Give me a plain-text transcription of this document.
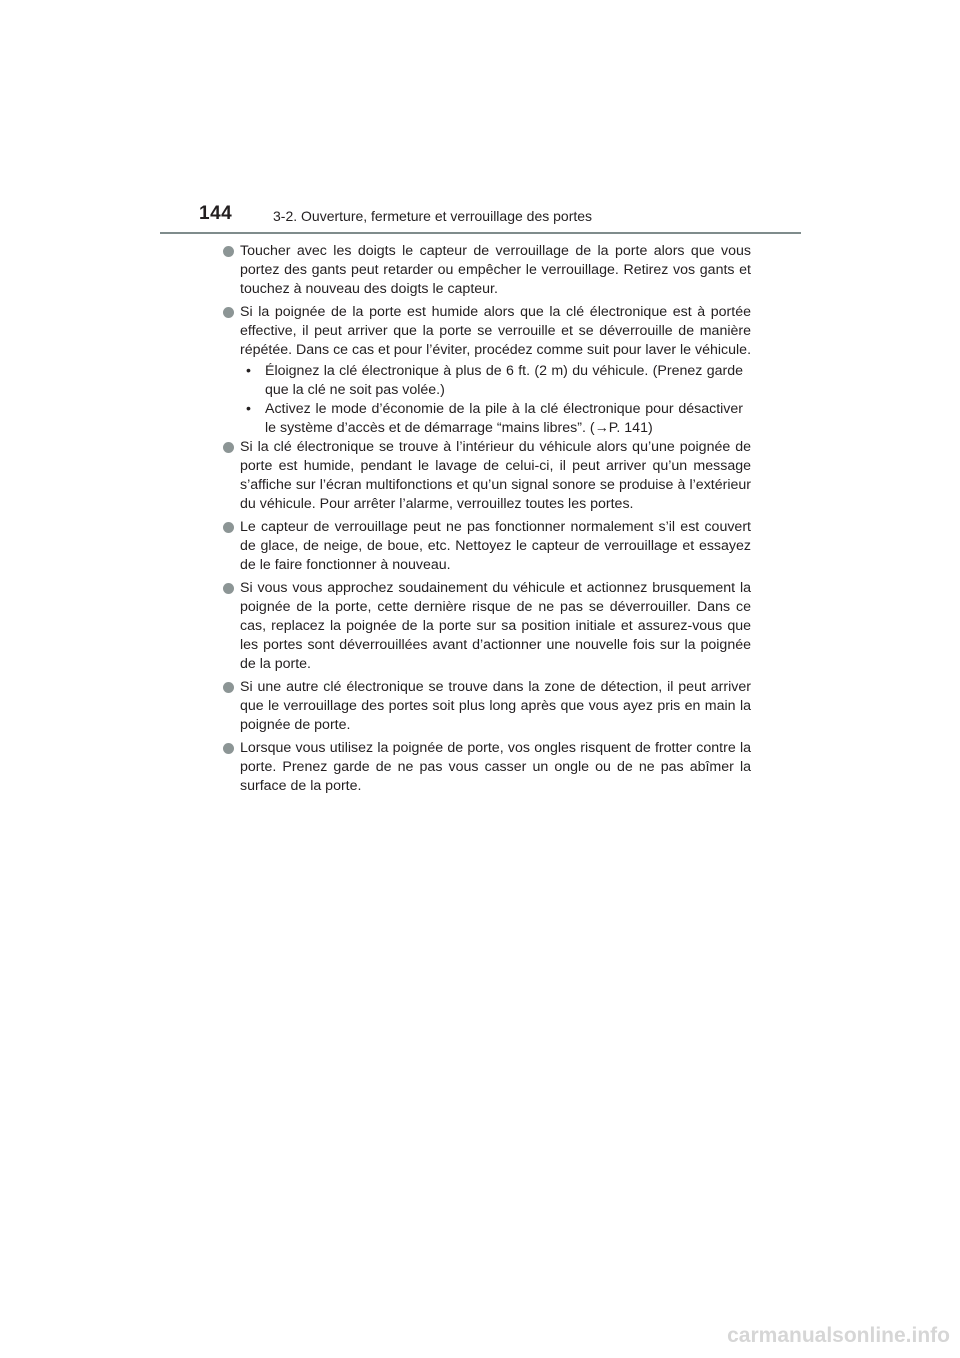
144	3-2. Ouverture, fermeture et verrouillage des portes
Toucher avec les doigts le capteur de verrouillage de la porte alors que vous portez des gants peut retarder ou empêcher le verrouillage. Retirez vos gants et touchez à nouveau des doigts le capteur.
Si la poignée de la porte est humide alors que la clé électronique est à portée effective, il peut arriver que la porte se verrouille et se déverrouille de manière répétée. Dans ce cas et pour l’éviter, procédez comme suit pour laver le véhicule.
• Éloignez la clé électronique à plus de 6 ft. (2 m) du véhicule. (Prenez garde que la clé ne soit pas volée.)
• Activez le mode d’économie de la pile à la clé électronique pour désactiver le système d’accès et de démarrage “mains libres”. (→P. 141)
Si la clé électronique se trouve à l’intérieur du véhicule alors qu’une poignée de porte est humide, pendant le lavage de celui-ci, il peut arriver qu’un message s’affiche sur l’écran multifonctions et qu’un signal sonore se produise à l’extérieur du véhicule. Pour arrêter l’alarme, verrouillez toutes les portes.
Le capteur de verrouillage peut ne pas fonctionner normalement s’il est couvert de glace, de neige, de boue, etc. Nettoyez le capteur de verrouillage et essayez de le faire fonctionner à nouveau.
Si vous vous approchez soudainement du véhicule et actionnez brusquement la poignée de la porte, cette dernière risque de ne pas se déverrouiller. Dans ce cas, replacez la poignée de la porte sur sa position initiale et assurez-vous que les portes sont déverrouillées avant d’actionner une nouvelle fois sur la poignée de la porte.
Si une autre clé électronique se trouve dans la zone de détection, il peut arriver que le verrouillage des portes soit plus long après que vous ayez pris en main la poignée de porte.
Lorsque vous utilisez la poignée de porte, vos ongles risquent de frotter contre la porte. Prenez garde de ne pas vous casser un ongle ou de ne pas abîmer la surface de la porte.
carmanualsonline.info
